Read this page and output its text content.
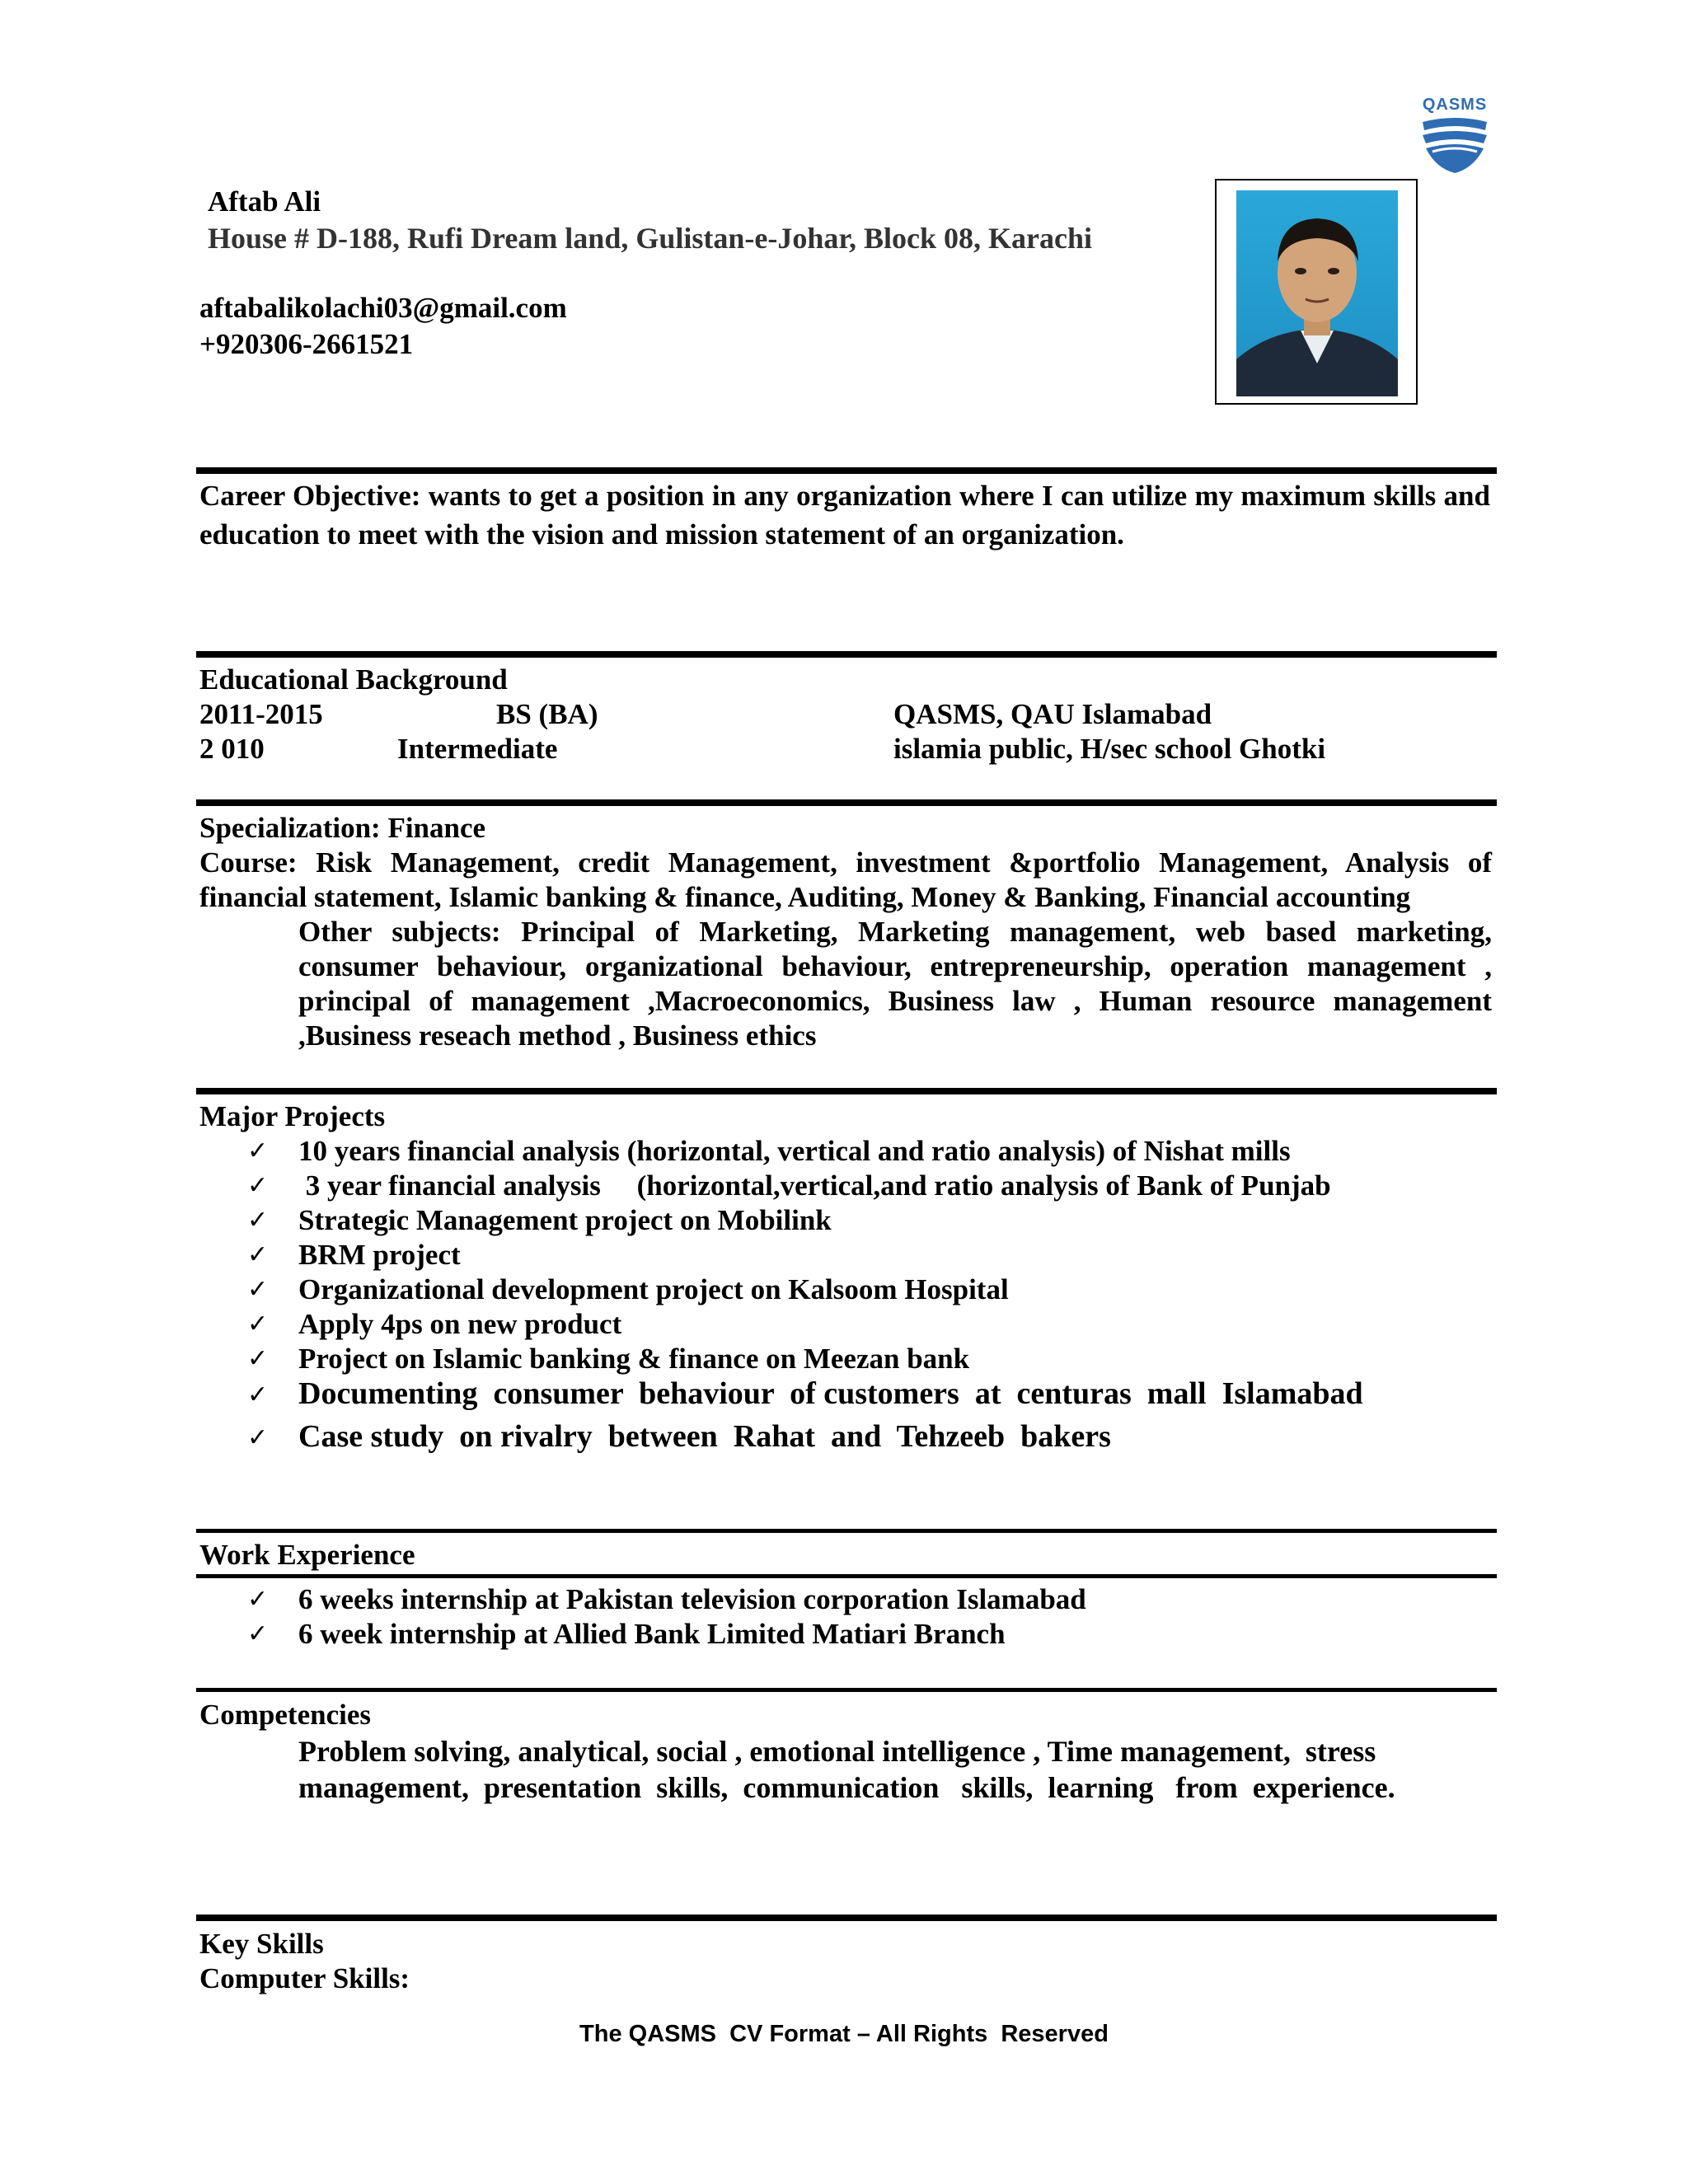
QASMS
Aftab Ali
House # D-188, Rufi Dream land, Gulistan-e-Johar, Block 08, Karachi
aftabalikolachi03@gmail.com
+920306-2661521
Career Objective: wants to get a position in any organization where I can utilize my maximum skills and education to meet with the vision and mission statement of an organization.
Educational Background
2011-2015	BS (BA)	QASMS, QAU Islamabad
2 010	Intermediate	islamia public, H/sec school Ghotki
Specialization: Finance
Course: Risk Management, credit Management, investment &portfolio Management, Analysis of financial statement, Islamic banking & finance, Auditing, Money & Banking, Financial accounting
Other subjects: Principal of Marketing, Marketing management, web based marketing, consumer behaviour, organizational behaviour, entrepreneurship, operation management , principal of management ,Macroeconomics, Business law , Human resource management ,Business reseach method , Business ethics
Major Projects
✓ 10 years financial analysis (horizontal, vertical and ratio analysis) of Nishat mills
✓ 3 year financial analysis     (horizontal,vertical,and ratio analysis of Bank of Punjab
✓ Strategic Management project on Mobilink
✓ BRM project
✓ Organizational development project on Kalsoom Hospital
✓ Apply 4ps on new product
✓ Project on Islamic banking & finance on Meezan bank
✓ Documenting  consumer  behaviour  of customers  at  centuras  mall  Islamabad
✓ Case study  on rivalry  between  Rahat  and  Tehzeeb  bakers
Work Experience
✓ 6 weeks internship at Pakistan television corporation Islamabad
✓ 6 week internship at Allied Bank Limited Matiari Branch
Competencies
Problem solving, analytical, social , emotional intelligence , Time management,  stress
management,  presentation  skills,  communication   skills,  learning   from  experience.
Key Skills
Computer Skills:
The QASMS  CV Format – All Rights  Reserved
